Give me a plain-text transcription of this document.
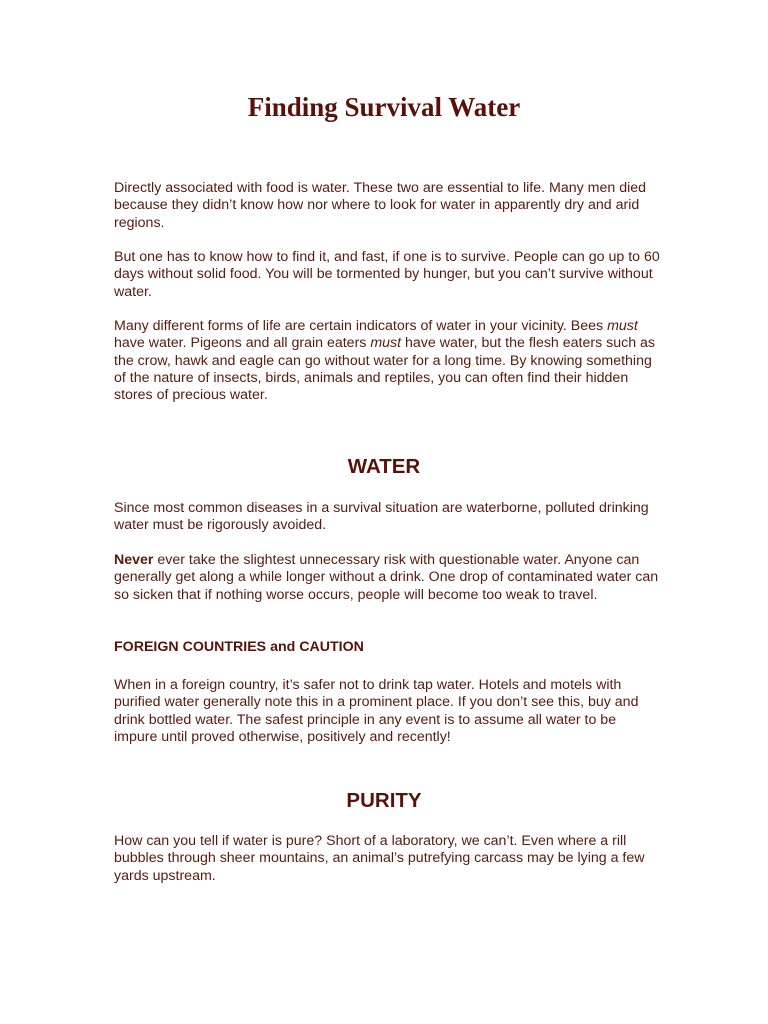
Finding Survival Water

Directly associated with food is water. These two are essential to life. Many men died because they didn’t know how nor where to look for water in apparently dry and arid regions.

But one has to know how to find it, and fast, if one is to survive. People can go up to 60 days without solid food. You will be tormented by hunger, but you can’t survive without water.

Many different forms of life are certain indicators of water in your vicinity. Bees must have water. Pigeons and all grain eaters must have water, but the flesh eaters such as the crow, hawk and eagle can go without water for a long time. By knowing something of the nature of insects, birds, animals and reptiles, you can often find their hidden stores of precious water.

WATER

Since most common diseases in a survival situation are waterborne, polluted drinking water must be rigorously avoided.

Never ever take the slightest unnecessary risk with questionable water. Anyone can generally get along a while longer without a drink. One drop of contaminated water can so sicken that if nothing worse occurs, people will become too weak to travel.

FOREIGN COUNTRIES and CAUTION

When in a foreign country, it’s safer not to drink tap water. Hotels and motels with purified water generally note this in a prominent place. If you don’t see this, buy and drink bottled water. The safest principle in any event is to assume all water to be impure until proved otherwise, positively and recently!

PURITY

How can you tell if water is pure? Short of a laboratory, we can’t. Even where a rill bubbles through sheer mountains, an animal’s putrefying carcass may be lying a few yards upstream.
